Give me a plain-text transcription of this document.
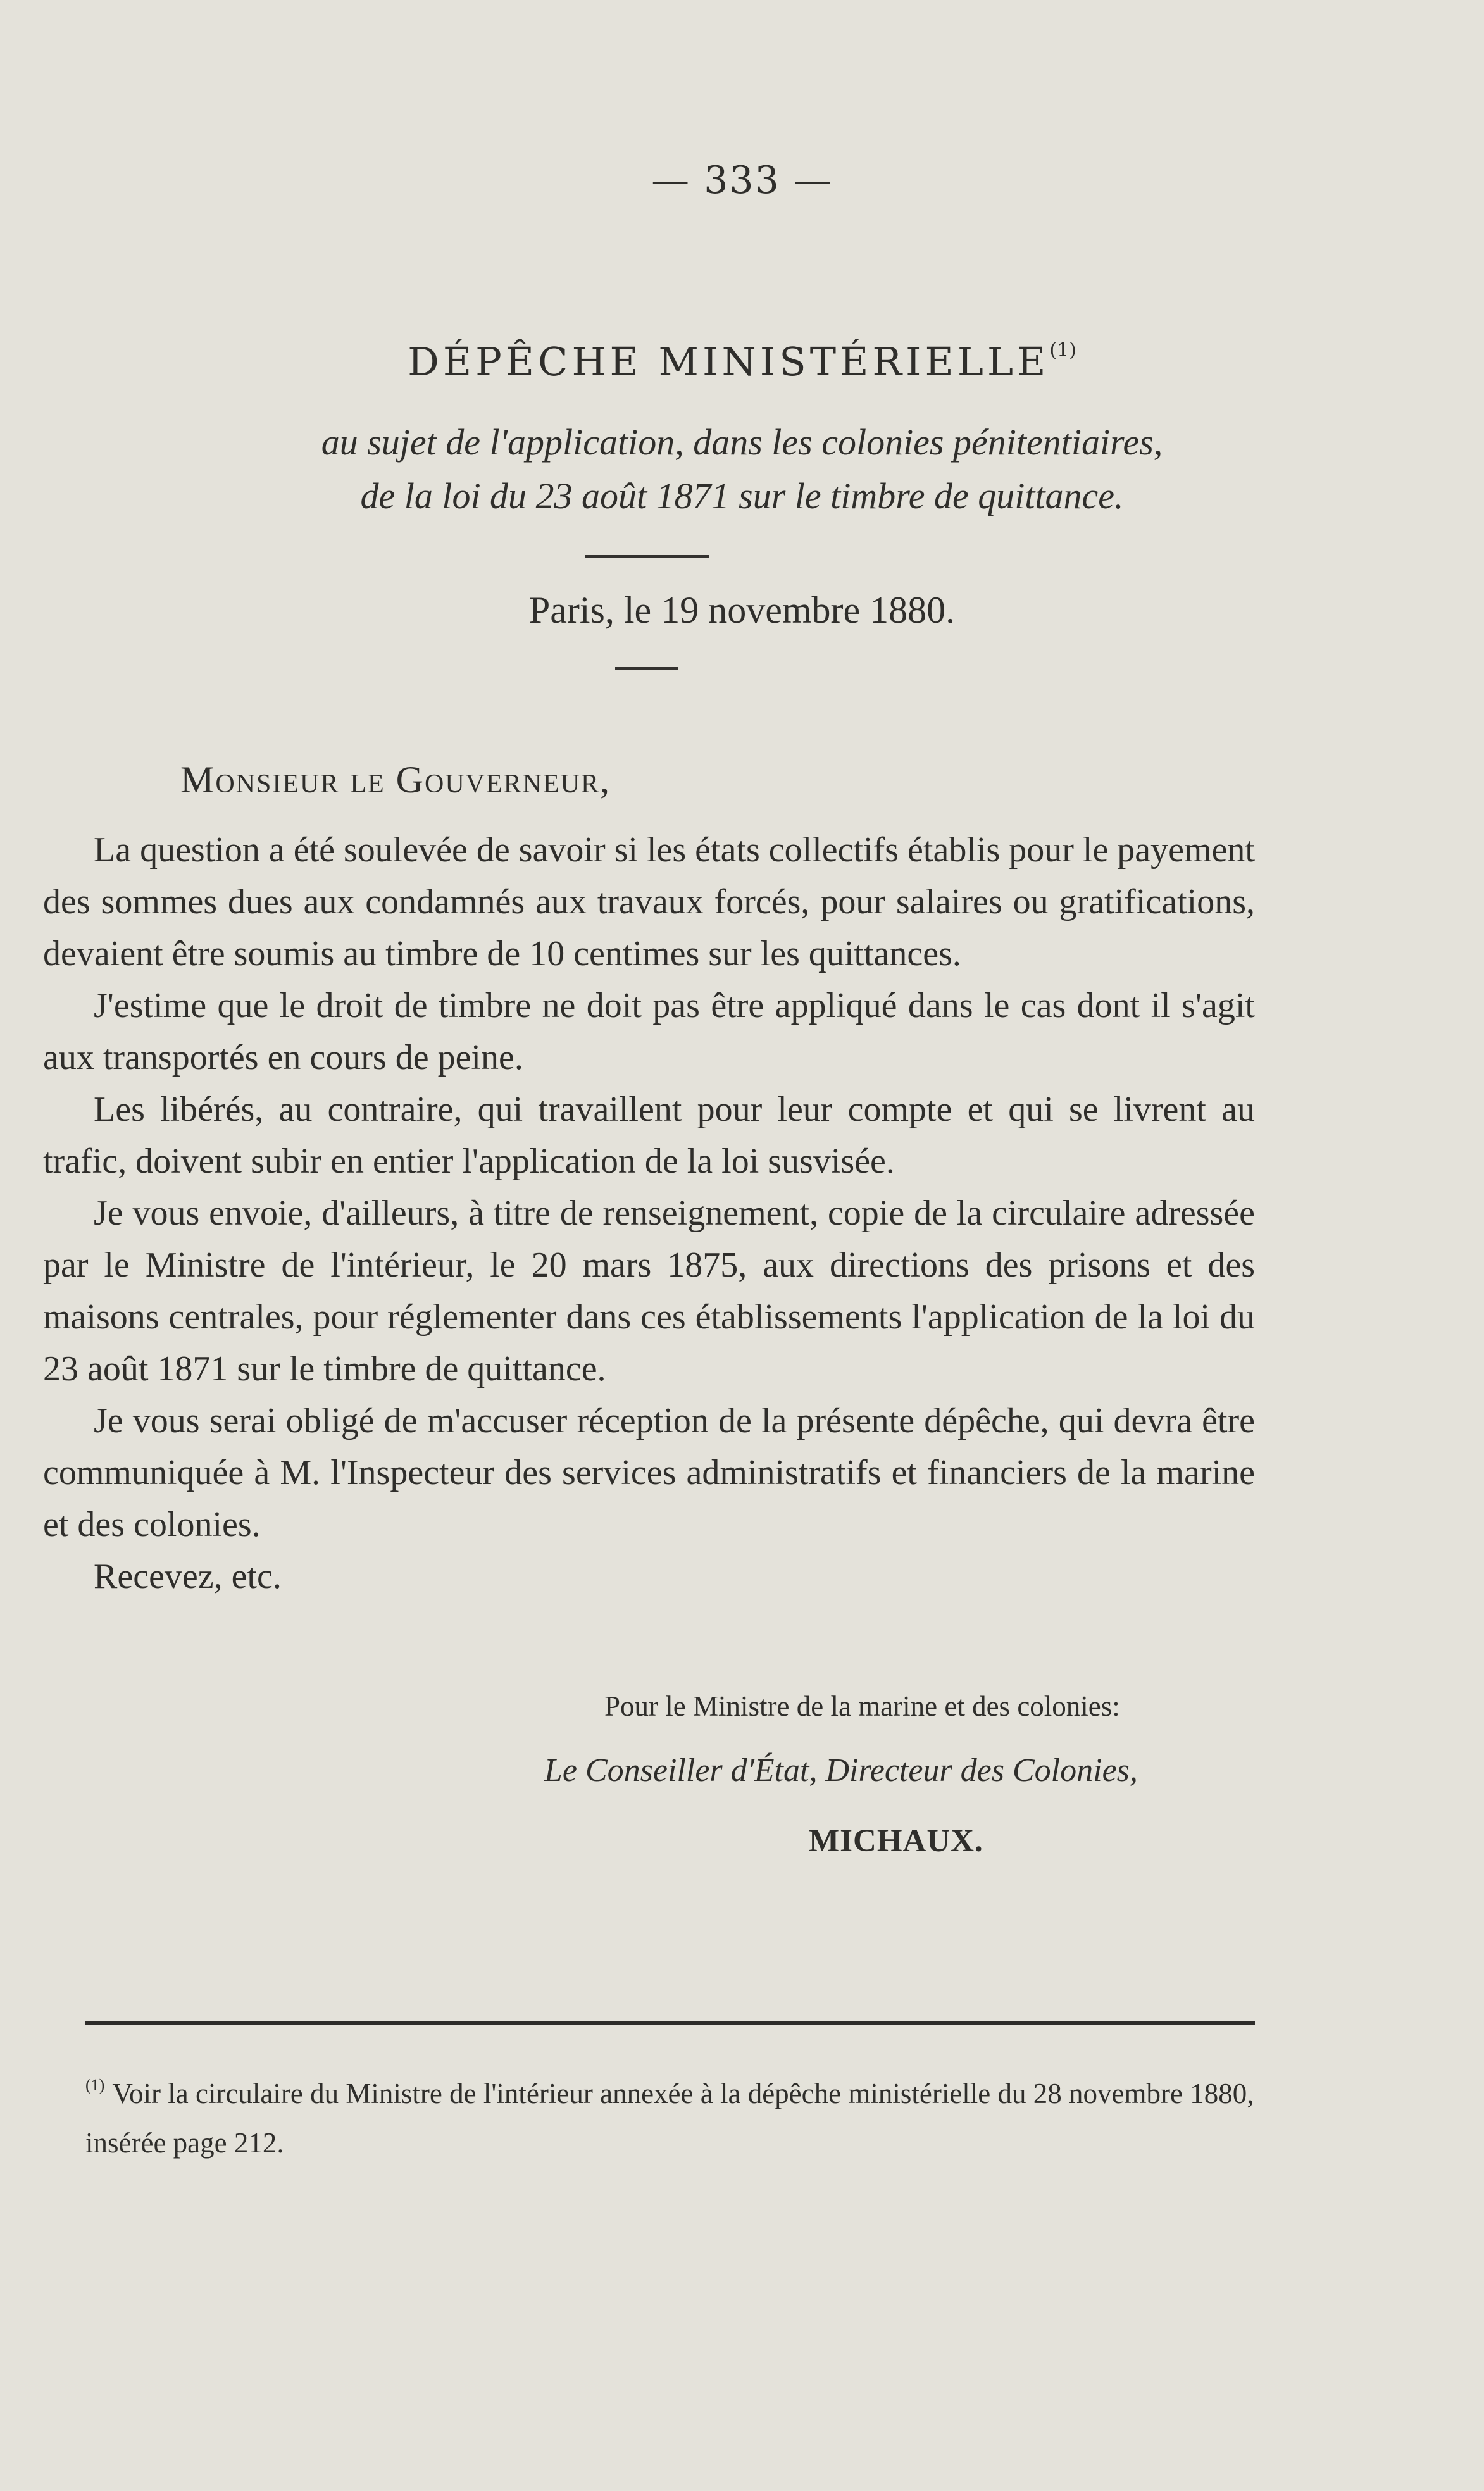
— 333 —
DÉPÊCHE MINISTÉRIELLE$^{(1)}$
au sujet de l'application, dans les colonies pénitentiaires,
de la loi du 23 août 1871 sur le timbre de quittance.
Paris, le 19 novembre 1880.
Monsieur le Gouverneur,

La question a été soulevée de savoir si les états collectifs établis pour le payement des sommes dues aux condamnés aux travaux forcés, pour salaires ou gratifications, devaient être soumis au timbre de 10 centimes sur les quittances.

J'estime que le droit de timbre ne doit pas être appliqué dans le cas dont il s'agit aux transportés en cours de peine.

Les libérés, au contraire, qui travaillent pour leur compte et qui se livrent au trafic, doivent subir en entier l'application de la loi susvisée.

Je vous envoie, d'ailleurs, à titre de renseignement, copie de la circulaire adressée par le Ministre de l'intérieur, le 20 mars 1875, aux directions des prisons et des maisons centrales, pour réglementer dans ces établissements l'application de la loi du 23 août 1871 sur le timbre de quittance.

Je vous serai obligé de m'accuser réception de la présente dépêche, qui devra être communiquée à M. l'Inspecteur des services administratifs et financiers de la marine et des colonies.

Recevez, etc.

Pour le Ministre de la marine et des colonies:
Le Conseiller d'État, Directeur des Colonies,
MICHAUX.
$^{(1)}$ Voir la circulaire du Ministre de l'intérieur annexée à la dépêche ministérielle du 28 novembre 1880, insérée page 212.
